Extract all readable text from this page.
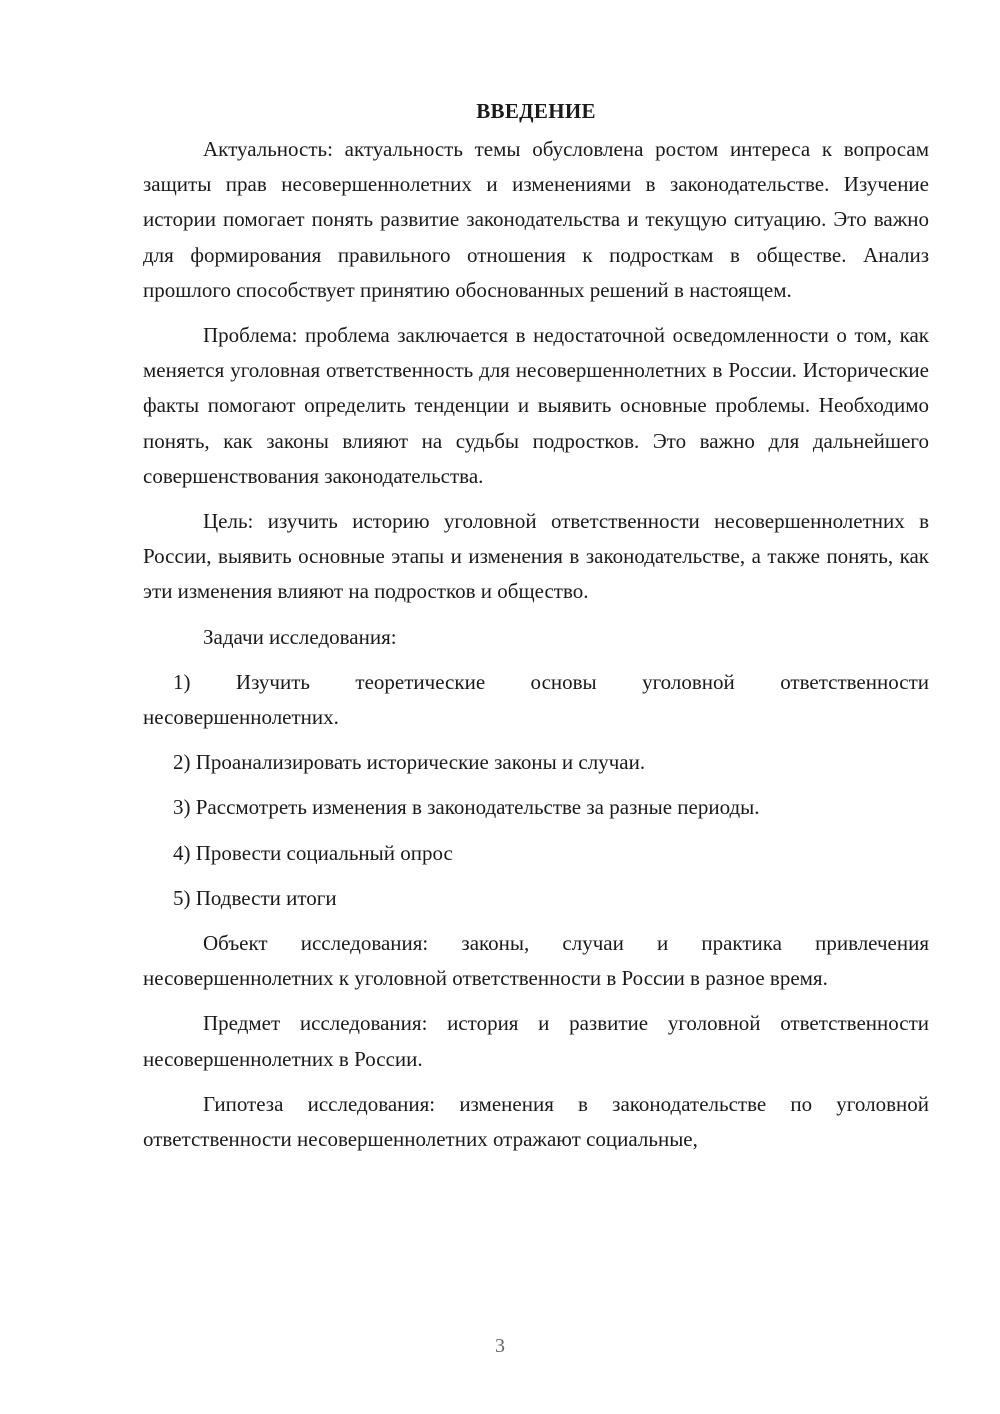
ВВЕДЕНИЕ

Актуальность: актуальность темы обусловлена ростом интереса к вопросам защиты прав несовершеннолетних и изменениями в законодательстве. Изучение истории помогает понять развитие законодательства и текущую ситуацию. Это важно для формирования правильного отношения к подросткам в обществе. Анализ прошлого способствует принятию обоснованных решений в настоящем.

Проблема: проблема заключается в недостаточной осведомленности о том, как меняется уголовная ответственность для несовершеннолетних в России. Исторические факты помогают определить тенденции и выявить основные проблемы. Необходимо понять, как законы влияют на судьбы подростков. Это важно для дальнейшего совершенствования законодательства.

Цель: изучить историю уголовной ответственности несовершеннолетних в России, выявить основные этапы и изменения в законодательстве, а также понять, как эти изменения влияют на подростков и общество.

Задачи исследования:

1) Изучить теоретические основы уголовной ответственности несовершеннолетних.

2) Проанализировать исторические законы и случаи.

3) Рассмотреть изменения в законодательстве за разные периоды.

4) Провести социальный опрос

5) Подвести итоги

Объект исследования: законы, случаи и практика привлечения несовершеннолетних к уголовной ответственности в России в разное время.

Предмет исследования: история и развитие уголовной ответственности несовершеннолетних в России.

Гипотеза исследования: изменения в законодательстве по уголовной ответственности несовершеннолетних отражают социальные,

3
